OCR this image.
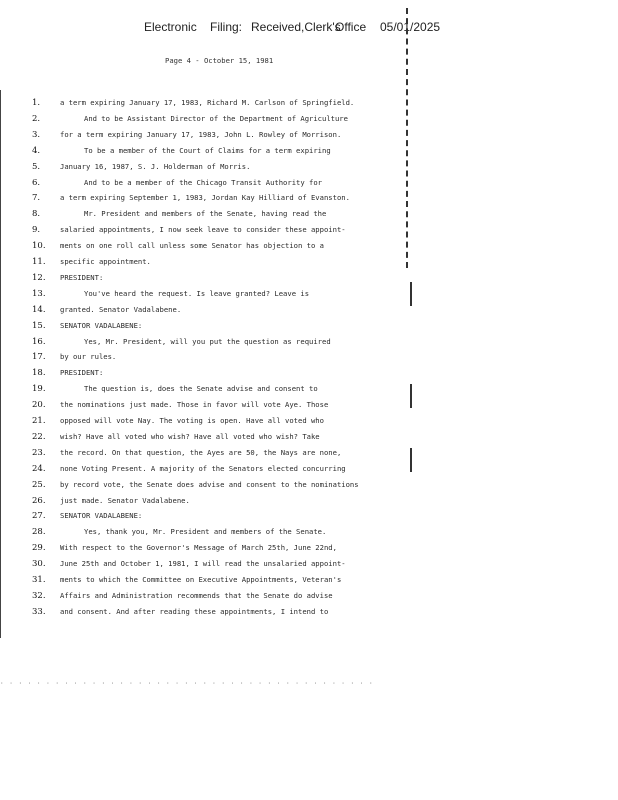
Electronic Filing: Received,Clerk'sOffice 05/01/2025
Page 4 - October 15, 1981
1.	a term expiring January 17, 1983, Richard M. Carlson of Springfield.
2.	And to be Assistant Director of the Department of Agriculture
3.	for a term expiring January 17, 1983, John L. Rowley of Morrison.
4.	To be a member of the Court of Claims for a term expiring
5.	January 16, 1987, S. J. Holderman of Morris.
6.	And to be a member of the Chicago Transit Authority for
7.	a term expiring September 1, 1983, Jordan Kay Hilliard of Evanston.
8.	Mr. President and members of the Senate, having read the
9.	salaried appointments, I now seek leave to consider these appoint-
10.	ments on one roll call unless some Senator has objection to a
11.	specific appointment.
12.	PRESIDENT:
13.	You've heard the request. Is leave granted? Leave is
14.	granted. Senator Vadalabene.
15.	SENATOR VADALABENE:
16.	Yes, Mr. President, will you put the question as required
17.	by our rules.
18.	PRESIDENT:
19.	The question is, does the Senate advise and consent to
20.	the nominations just made. Those in favor will vote Aye. Those
21.	opposed will vote Nay. The voting is open. Have all voted who
22.	wish? Have all voted who wish? Have all voted who wish? Take
23.	the record. On that question, the Ayes are 50, the Nays are none,
24.	none Voting Present. A majority of the Senators elected concurring
25.	by record vote, the Senate does advise and consent to the nominations
26.	just made. Senator Vadalabene.
27.	SENATOR VADALABENE:
28.	Yes, thank you, Mr. President and members of the Senate.
29.	With respect to the Governor's Message of March 25th, June 22nd,
30.	June 25th and October 1, 1981, I will read the unsalaried appoint-
31.	ments to which the Committee on Executive Appointments, Veteran's
32.	Affairs and Administration recommends that the Senate do advise
33.	and consent. And after reading these appointments, I intend to
· · · · · · · · · · · · · · · · · · · · · · · · · · · · · · · · · · · · · · · · ·
